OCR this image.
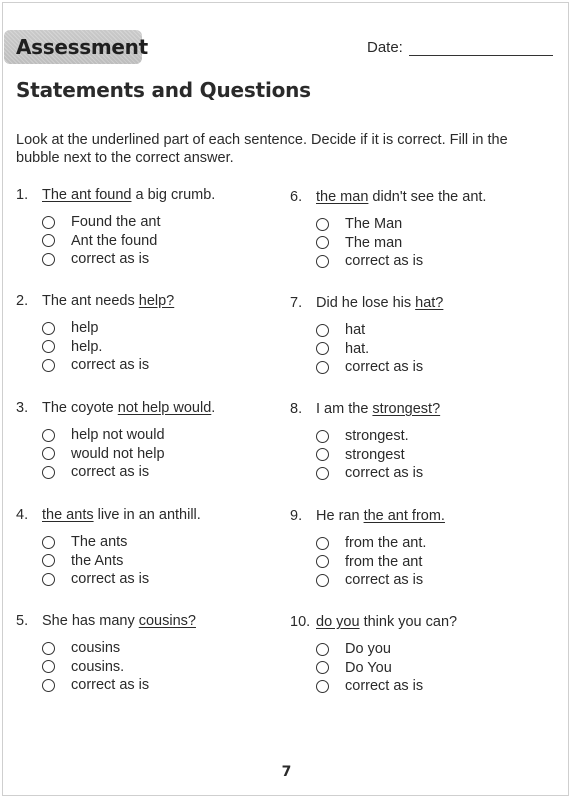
Assessment	Date:
Statements and Questions

Look at the underlined part of each sentence. Decide if it is correct. Fill in the bubble next to the correct answer.

1. The ant found a big crumb.
Found the ant
Ant the found
correct as is
2. The ant needs help?
help
help.
correct as is
3. The coyote not help would.
help not would
would not help
correct as is
4. the ants live in an anthill.
The ants
the Ants
correct as is
5. She has many cousins?
cousins
cousins.
correct as is
6. the man didn't see the ant.
The Man
The man
correct as is
7. Did he lose his hat?
hat
hat.
correct as is
8. I am the strongest?
strongest.
strongest
correct as is
9. He ran the ant from.
from the ant.
from the ant
correct as is
10. do you think you can?
Do you
Do You
correct as is
7
